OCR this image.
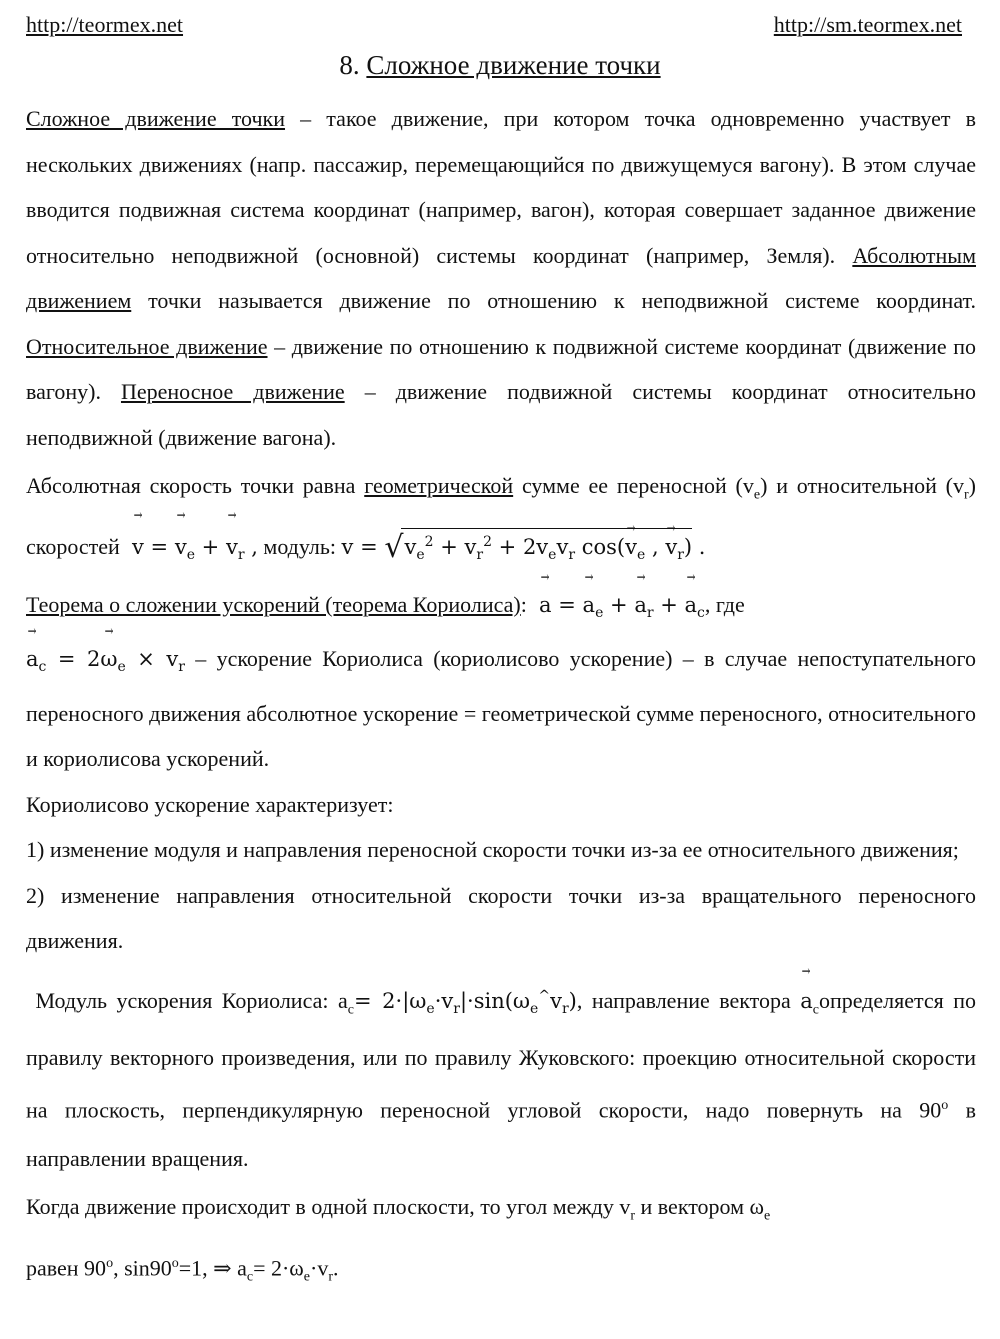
http://teormex.net	http://sm.teormex.net
8. Сложное движение точки

Сложное движение точки – такое движение, при котором точка одновременно участвует в нескольких движениях (напр. пассажир, перемещающийся по движущемуся вагону). В этом случае вводится подвижная система координат (например, вагон), которая совершает заданное движение относительно неподвижной (основной) системы координат (например, Земля). Абсолютным движением точки называется движение по отношению к неподвижной системе координат. Относительное движение – движение по отношению к подвижной системе координат (движение по вагону). Переносное движение – движение подвижной системы координат относительно неподвижной (движение вагона).

Абсолютная скорость точки равна геометрической сумме ее переносной $(v_e)$ и относительной $(v_r)$ скоростей  → v = → $v_e$ + → $v_r$ , модуль: $v = √v_e^2 + v_r^2 + 2v_ev_r$ $\cos(\to v_e$ , → $v_r$) .

Теорема о сложении ускорений (теорема Кориолиса):  → a = → $a_e$ + → $a_r$ + → $a_c$, где
→ $a_c = 2\to \omega_e \times v_r$ – ускорение Кориолиса (кориолисово ускорение) – в случае непоступательного переносного движения абсолютное ускорение = геометрической сумме переносного, относительного и кориолисова ускорений.

Кориолисово ускорение характеризует:
1) изменение модуля и направления переносной скорости точки из-за ее относительного движения;
2) изменение направления относительной скорости точки из-за вращательного переносного движения.

Модуль ускорения Кориолиса: $a_c= 2\cdot|\omega_e\cdot v_r|\cdot\sin(\omega_e^{\^{}}v_r)$, направление вектора → $a_cопределяется$ по правилу векторного произведения, или по правилу Жуковского: проекцию относительной скорости на плоскость, перпендикулярную переносной угловой скорости, надо повернуть на 90$^o$ в направлении вращения.

Когда движение происходит в одной плоскости, то угол между $v_r$ и вектором $\omega_e$
равен 90$^o$, $\sin 90^o=1$, ⇒ $a_c= 2\cdot\omega_e\cdot v_r$.
